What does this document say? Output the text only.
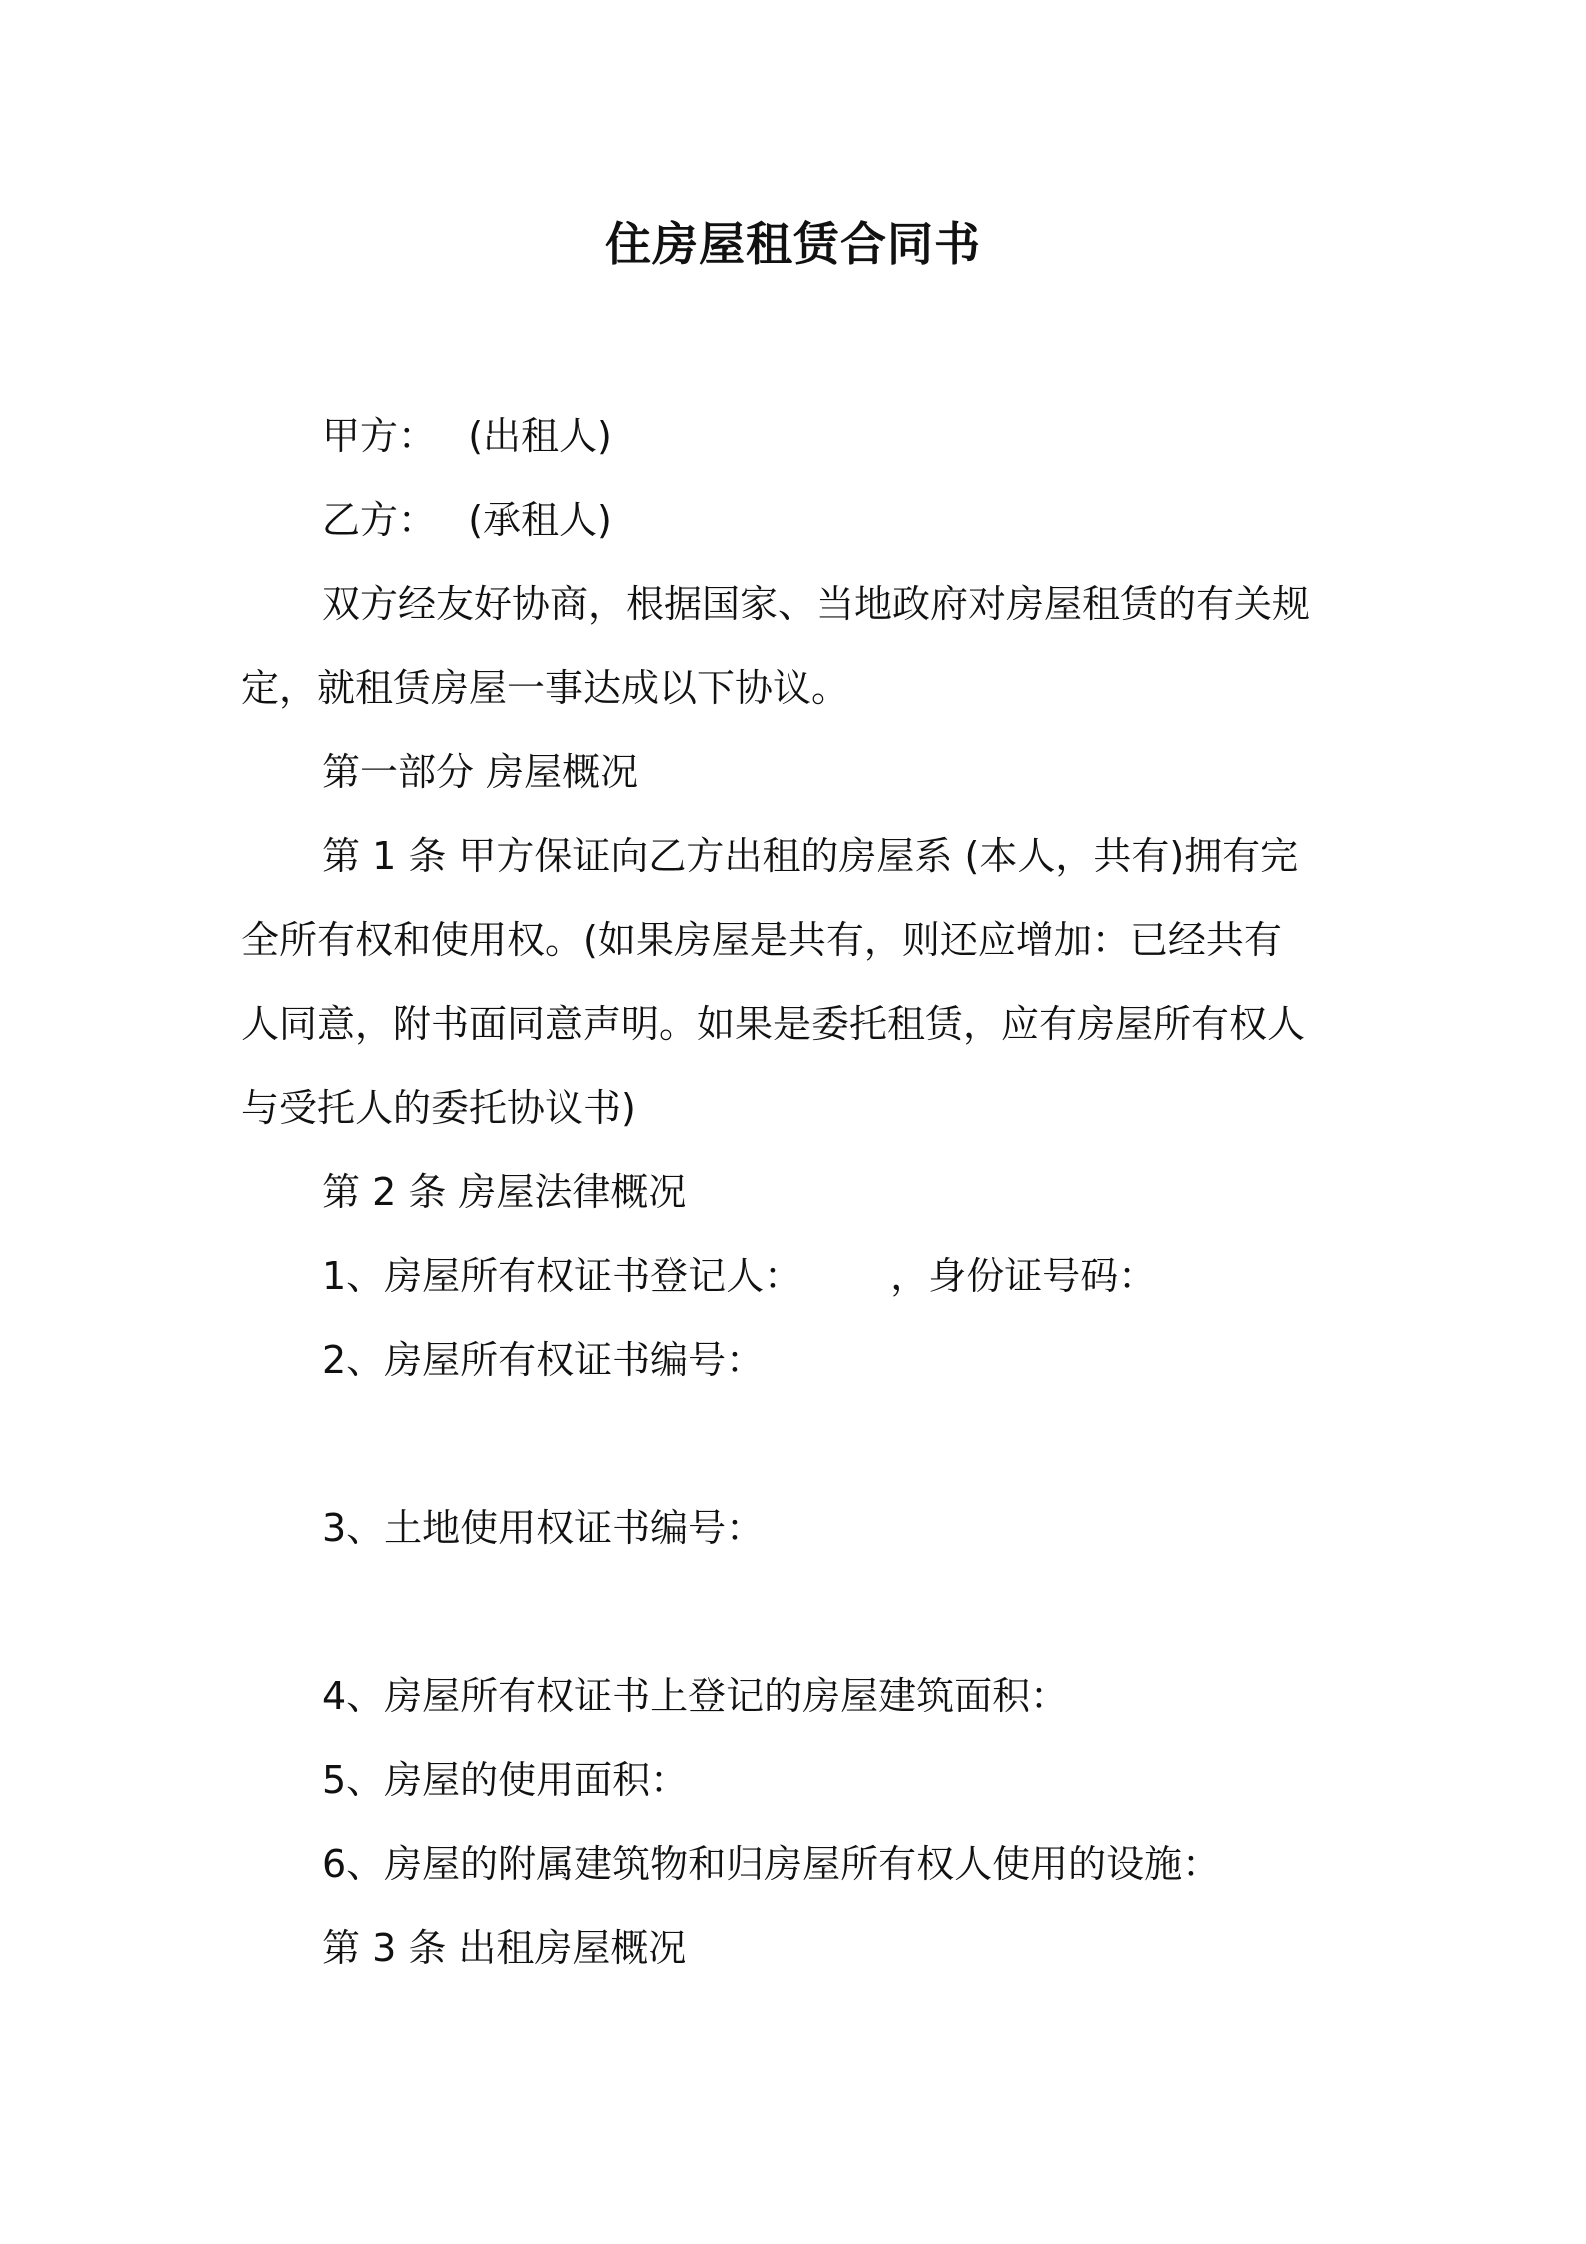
住房屋租赁合同书
甲方： (出租人)
乙方： (承租人)
双方经友好协商，根据国家、当地政府对房屋租赁的有关规
定，就租赁房屋一事达成以下协议。
第一部分 房屋概况
第 1 条 甲方保证向乙方出租的房屋系 (本人，共有)拥有完
全所有权和使用权。(如果房屋是共有，则还应增加：已经共有
人同意，附书面同意声明。如果是委托租赁，应有房屋所有权人
与受托人的委托协议书)
第 2 条 房屋法律概况
1、房屋所有权证书登记人： ，身份证号码：
2、房屋所有权证书编号：
3、土地使用权证书编号：
4、房屋所有权证书上登记的房屋建筑面积：
5、房屋的使用面积：
6、房屋的附属建筑物和归房屋所有权人使用的设施：
第 3 条 出租房屋概况
